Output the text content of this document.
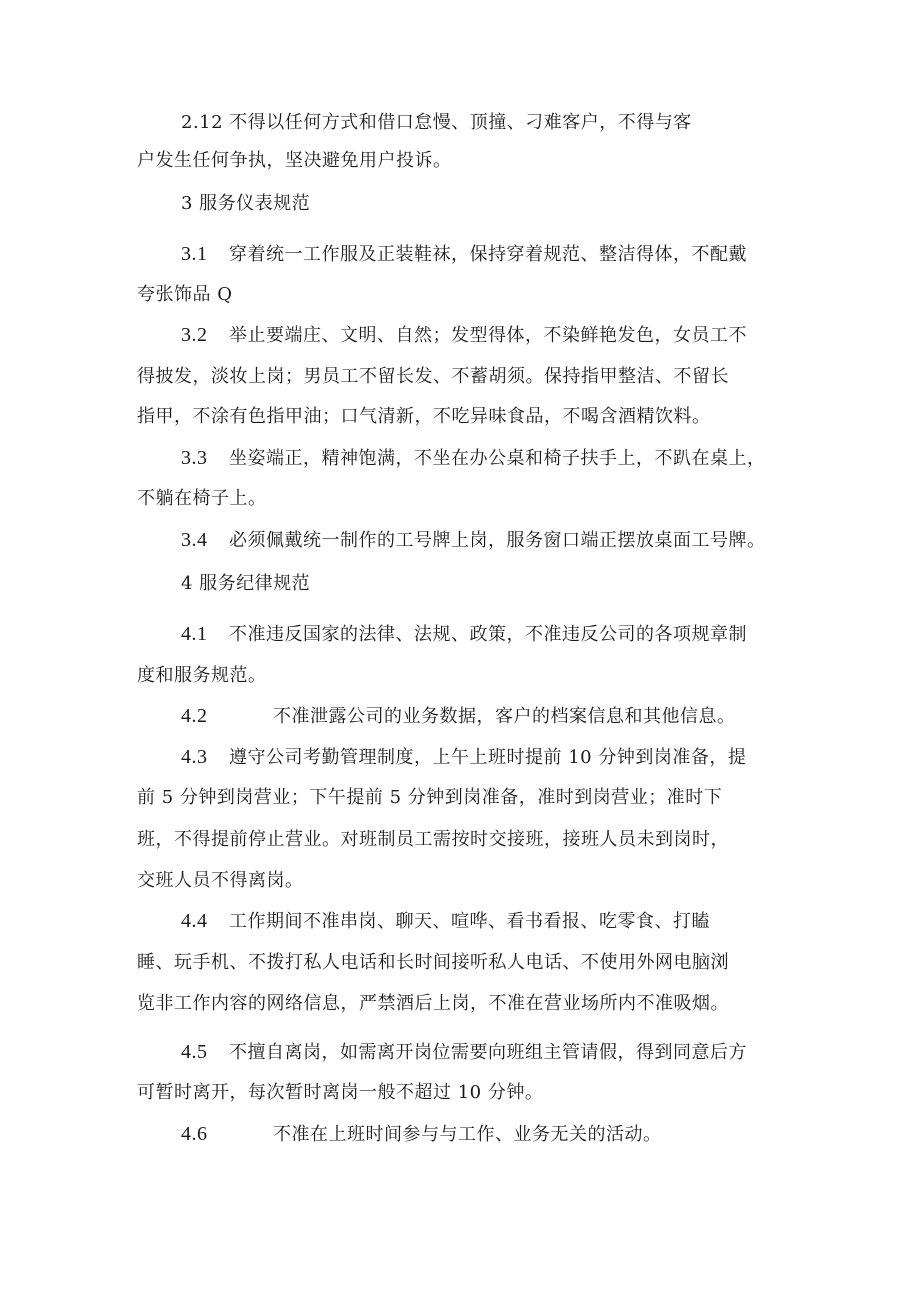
2.12 不得以任何方式和借口怠慢、顶撞、刁难客户，不得与客
户发生任何争执，坚决避免用户投诉。
3 服务仪表规范
3.1 穿着统一工作服及正装鞋袜，保持穿着规范、整洁得体，不配戴
夸张饰品 Q
3.2 举止要端庄、文明、自然；发型得体，不染鲜艳发色，女员工不
得披发，淡妆上岗；男员工不留长发、不蓄胡须。保持指甲整洁、不留长
指甲，不涂有色指甲油；口气清新，不吃异味食品，不喝含酒精饮料。
3.3 坐姿端正，精神饱满，不坐在办公桌和椅子扶手上，不趴在桌上，
不躺在椅子上。
3.4 必须佩戴统一制作的工号牌上岗，服务窗口端正摆放桌面工号牌。
4 服务纪律规范
4.1 不准违反国家的法律、法规、政策，不准违反公司的各项规章制
度和服务规范。
4.2	不准泄露公司的业务数据，客户的档案信息和其他信息。
4.3 遵守公司考勤管理制度，上午上班时提前 10 分钟到岗准备，提
前 5 分钟到岗营业；下午提前 5 分钟到岗准备，准时到岗营业；准时下
班，不得提前停止营业。对班制员工需按时交接班，接班人员未到岗时，
交班人员不得离岗。
4.4 工作期间不准串岗、聊天、喧哗、看书看报、吃零食、打瞌
睡、玩手机、不拨打私人电话和长时间接听私人电话、不使用外网电脑浏
览非工作内容的网络信息，严禁酒后上岗，不准在营业场所内不准吸烟。
4.5 不擅自离岗，如需离开岗位需要向班组主管请假，得到同意后方
可暂时离开，每次暂时离岗一般不超过 10 分钟。
4.6	不准在上班时间参与与工作、业务无关的活动。
